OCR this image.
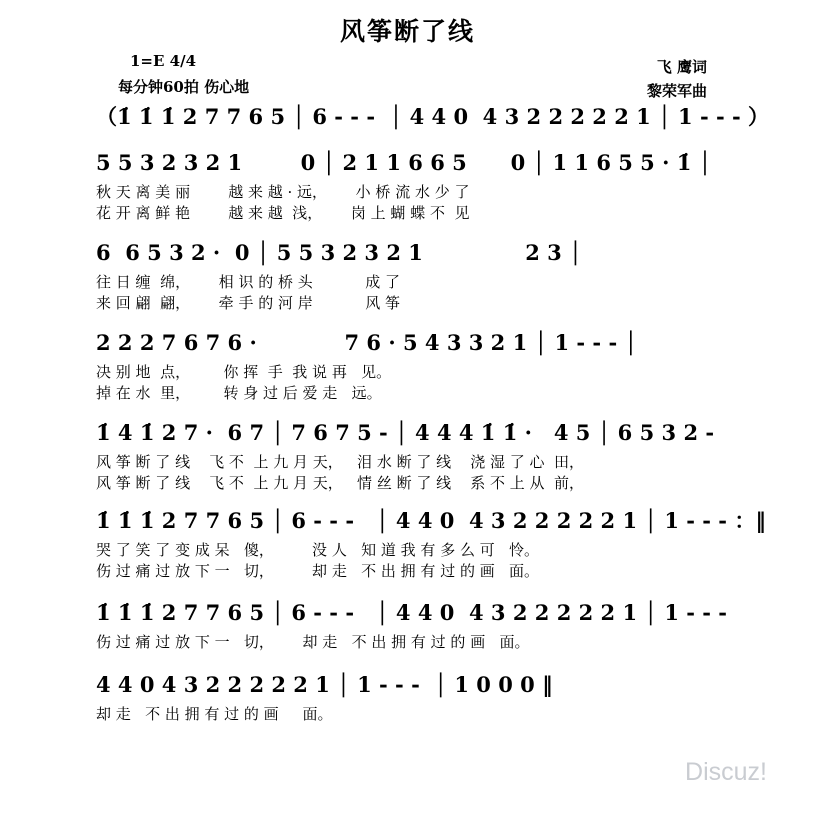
风筝断了线
1=E 4/4
每分钟60拍 伤心地
飞 鹰词
黎荣军曲
（1̇ 1̇ 1̇ 2 7 7 6 5 │ 6 - - -  │ 4 4 0  4 3 2 2 2 2 2 1 │ 1 - - - ）
5 5 3 2 3 2 1        0 │ 2 1 1 6 6 5      0 │ 1 1 6 5 5 · 1̇ │
秋 天 离 美 丽        越 来 越 · 远，      小 桥 流 水 少 了
花 开 离 鲜 艳        越 来 越  浅，      岗 上 蝴 蝶 不  见
6  6 5 3 2 ·  0 │ 5 5 3 2 3 2 1              2 3 │
往 日 缠  绵，      相 识 的 桥 头           成 了
来 回 翩  翩，      牵 手 的 河 岸           风 筝
2 2 2 7 6 7 6 ·            7 6 · 5 4 3 3 2 1 │ 1 - - - │
决 别 地  点，       你 挥  手  我 说 再   见。
掉 在 水  里，       转 身 过 后 爱 走   远。
1̇ 4 1̇ 2 7 ·  6 7 │ 7 6 7 5 - │ 4 4 4 1̇ 1̇ ·   4 5 │ 6 5 3 2 -
风 筝 断 了 线    飞 不  上 九 月 天，   泪 水 断 了 线    浇 湿 了 心  田，
风 筝 断 了 线    飞 不  上 九 月 天，   情 丝 断 了 线    系 不 上 从  前，
1̇ 1̇ 1̇ 2 7 7 6 5 │ 6 - - -   │ 4 4 0  4 3 2 2 2 2 2 1 │ 1 - - - ：‖
哭 了 笑 了 变 成 呆   傻，        没 人   知 道 我 有 多 么 可   怜。
伤 过 痛 过 放 下 一   切，        却 走   不 出 拥 有 过 的 画   面。
1̇ 1̇ 1̇ 2 7 7 6 5 │ 6 - - -   │ 4 4 0  4 3 2 2 2 2 2 1 │ 1 - - -
伤 过 痛 过 放 下 一   切，      却 走   不 出 拥 有 过 的 画   面。
4 4 0 4 3 2 2 2 2 2 1 │ 1 - - -  │ 1 0 0 0 ‖
却 走   不 出 拥 有 过 的 画     面。
Discuz!
